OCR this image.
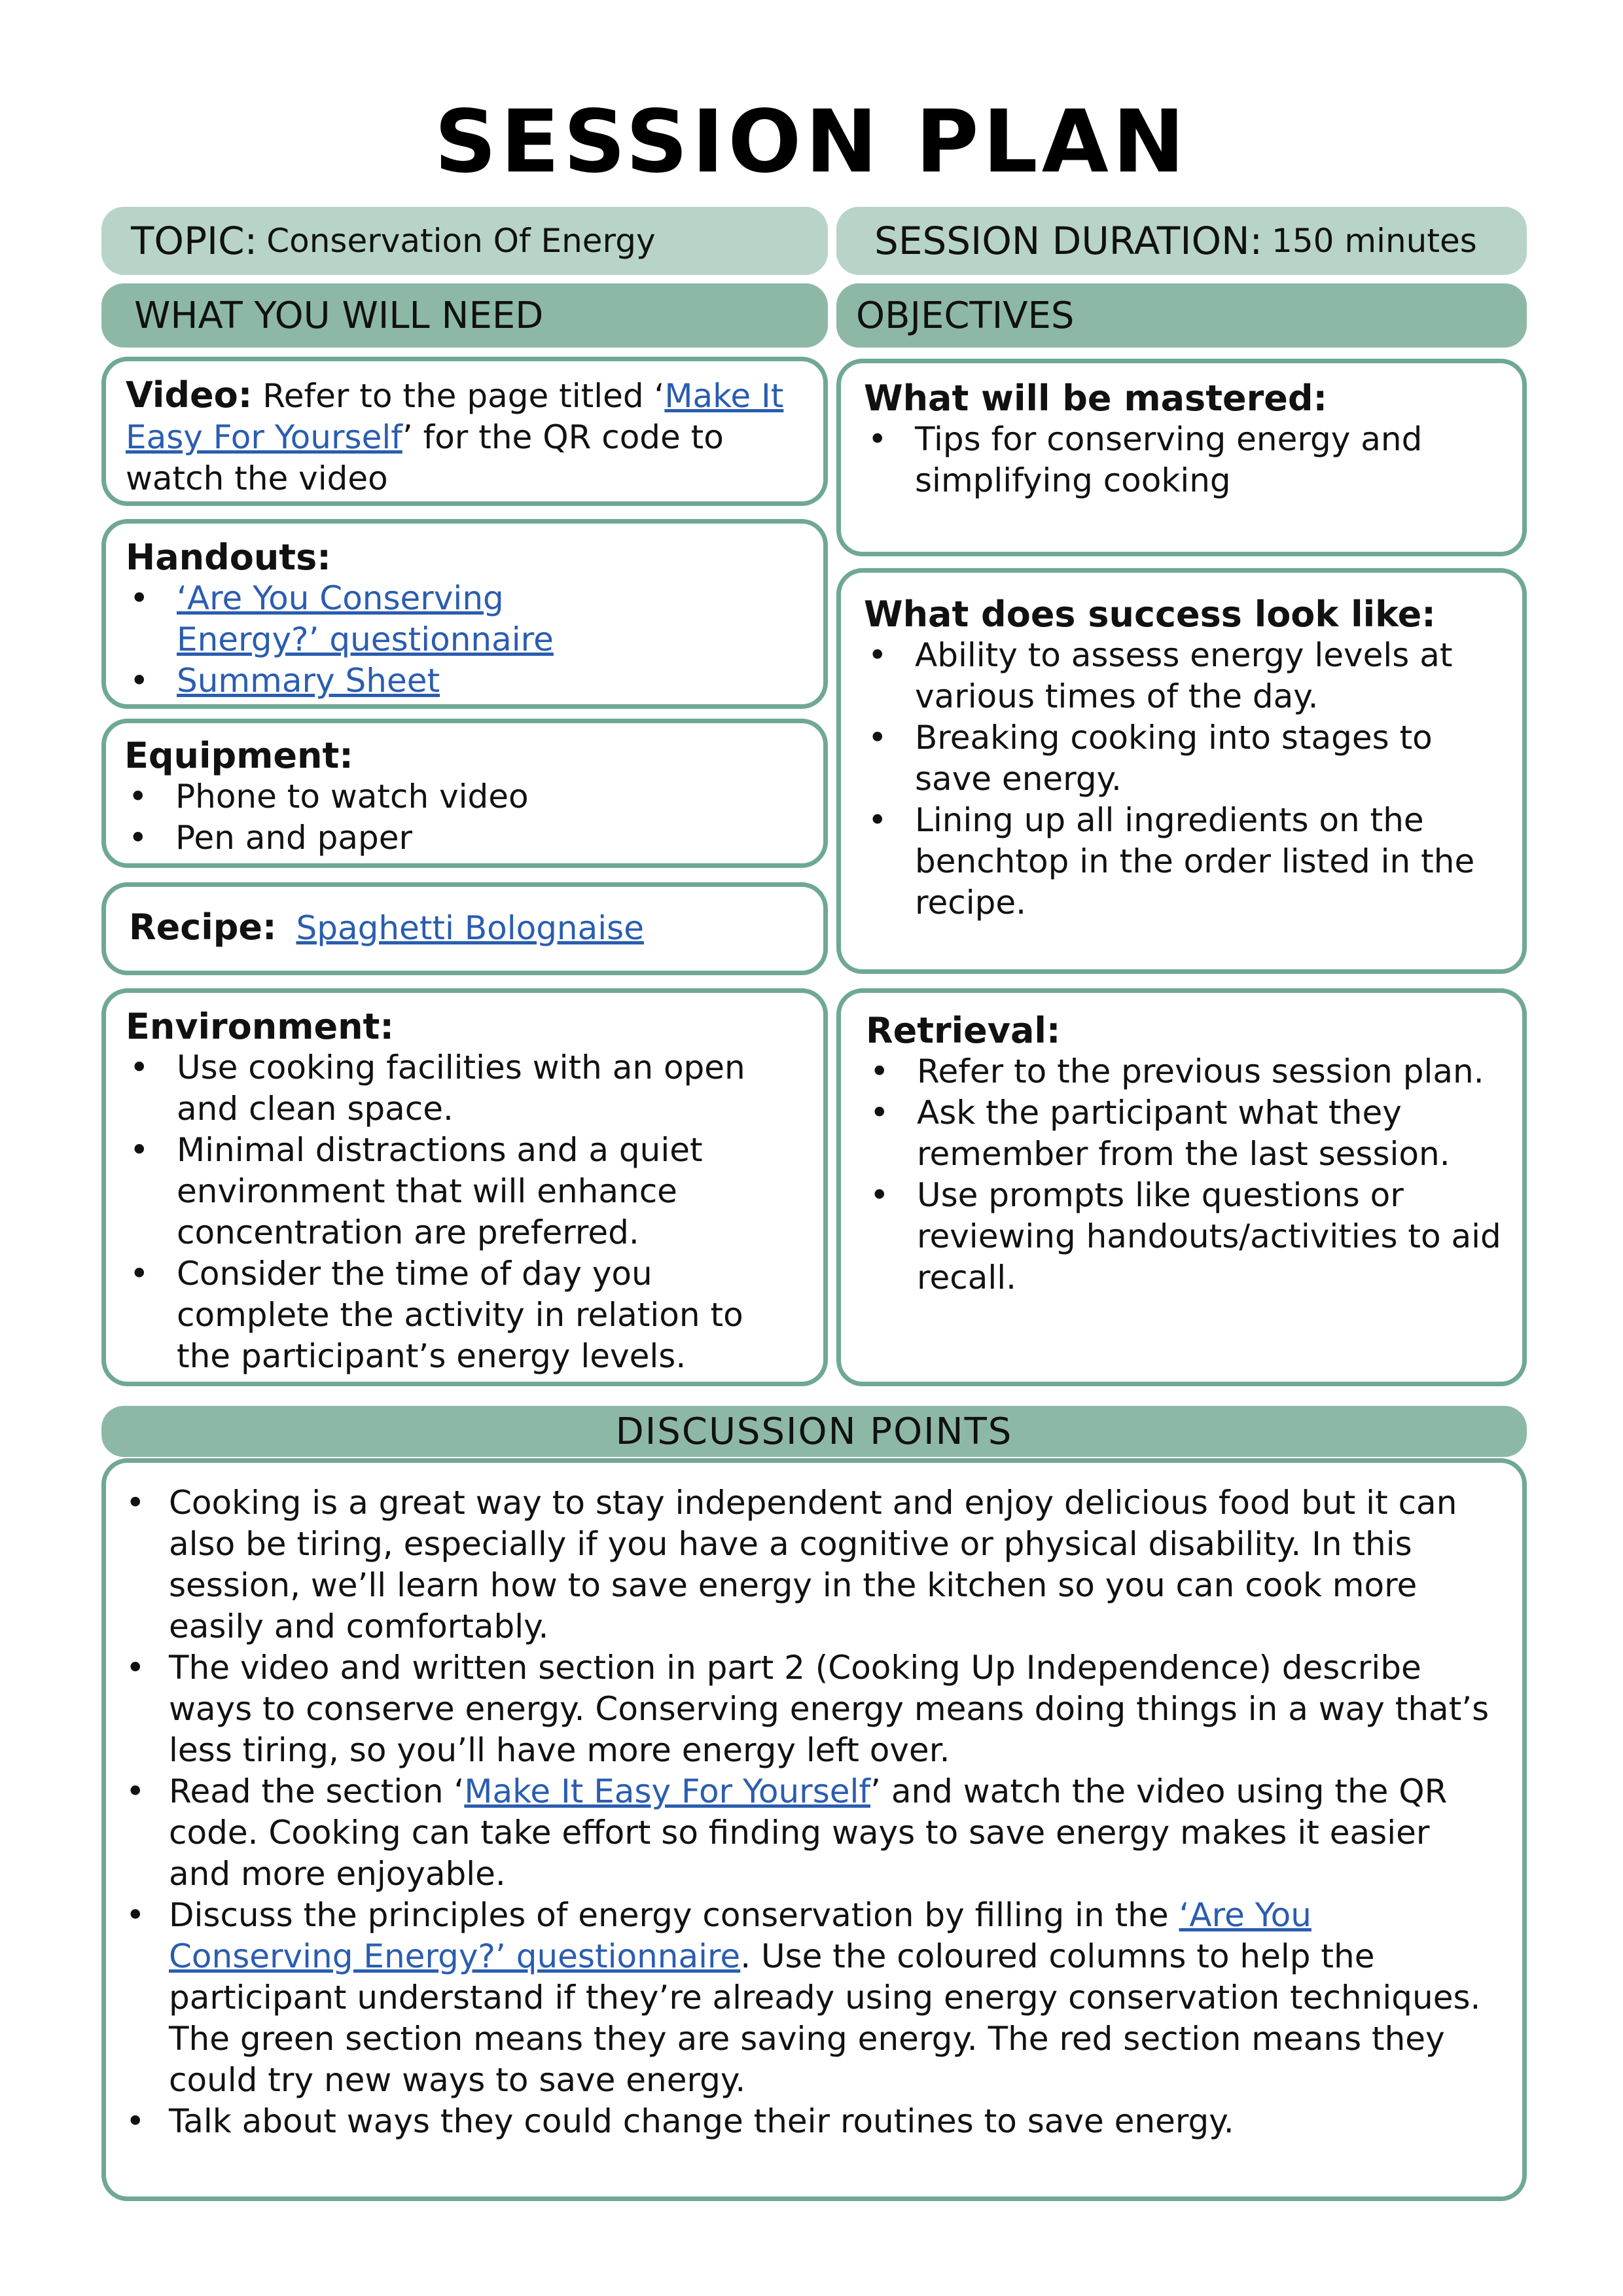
SESSION PLAN
TOPIC: Conservation Of Energy	SESSION DURATION: 150 minutes
WHAT YOU WILL NEED	OBJECTIVES
Video: Refer to the page titled ‘Make It Easy For Yourself’ for the QR code to watch the video
Handouts:
• ‘Are You Conserving Energy?’ questionnaire
• Summary Sheet
Equipment:
• Phone to watch video
• Pen and paper
Recipe: Spaghetti Bolognaise
Environment:
• Use cooking facilities with an open and clean space.
• Minimal distractions and a quiet environment that will enhance concentration are preferred.
• Consider the time of day you complete the activity in relation to the participant’s energy levels.
What will be mastered:
• Tips for conserving energy and simplifying cooking
What does success look like:
• Ability to assess energy levels at various times of the day.
• Breaking cooking into stages to save energy.
• Lining up all ingredients on the benchtop in the order listed in the recipe.
Retrieval:
• Refer to the previous session plan.
• Ask the participant what they remember from the last session.
• Use prompts like questions or reviewing handouts/activities to aid recall.
DISCUSSION POINTS
• Cooking is a great way to stay independent and enjoy delicious food but it can also be tiring, especially if you have a cognitive or physical disability. In this session, we’ll learn how to save energy in the kitchen so you can cook more easily and comfortably.
• The video and written section in part 2 (Cooking Up Independence) describe ways to conserve energy. Conserving energy means doing things in a way that’s less tiring, so you’ll have more energy left over.
• Read the section ‘Make It Easy For Yourself’ and watch the video using the QR code. Cooking can take effort so finding ways to save energy makes it easier and more enjoyable.
• Discuss the principles of energy conservation by filling in the ‘Are You Conserving Energy?’ questionnaire. Use the coloured columns to help the participant understand if they’re already using energy conservation techniques. The green section means they are saving energy. The red section means they could try new ways to save energy.
• Talk about ways they could change their routines to save energy.
